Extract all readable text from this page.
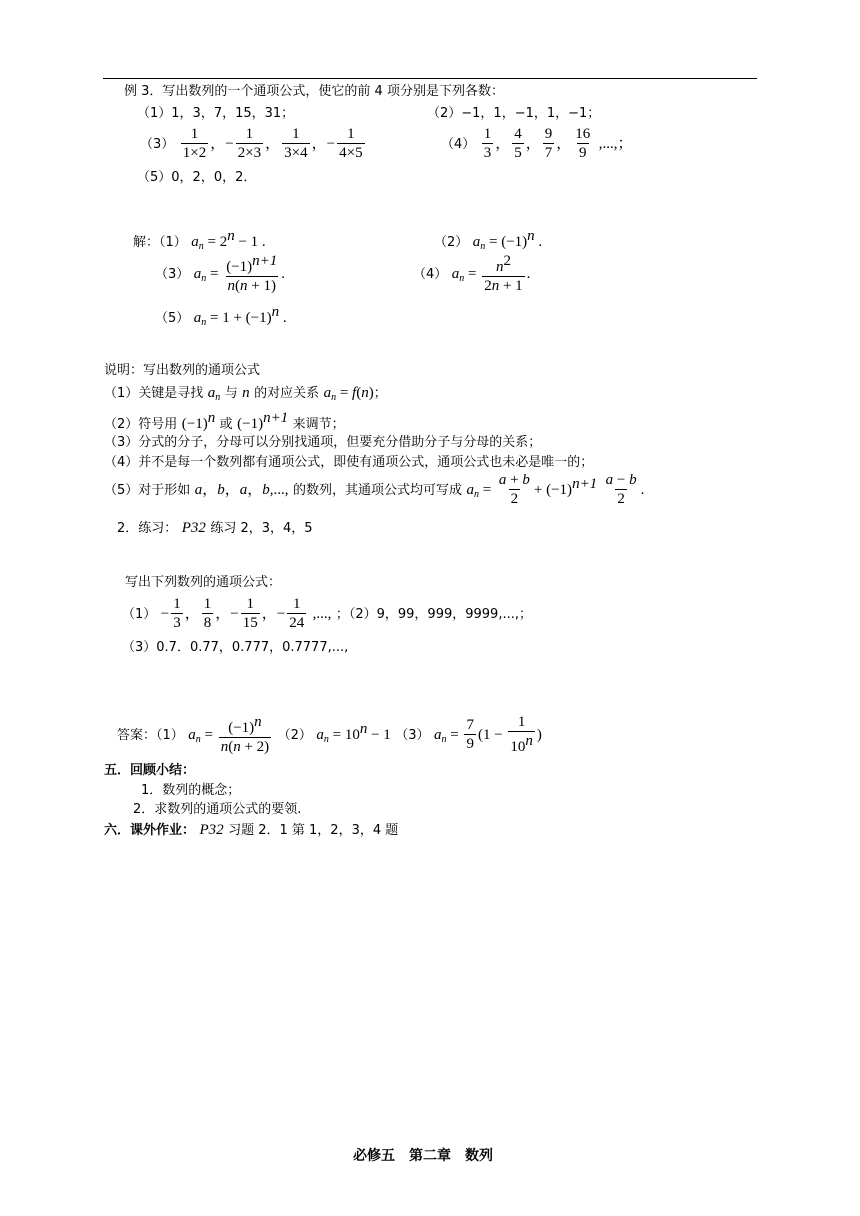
例 3．写出数列的一个通项公式，使它的前 4 项分别是下列各数：
（1）1，3，7，15，31；	（2）−1，1，−1，1，−1；
$(3) \frac{1}{1\times 2}$ ，− $\frac{1}{2\times 3}$ ， $\frac{1}{3\times 4}$ ，− $\frac{1}{4\times 5}$	$(4) \frac{1}{3}$ ， $\frac{4}{5}$ ， $\frac{9}{7}$ ， $\frac{16}{9}$ ,...,；
（5）0，2，0，2．
解：（1） $a_n = 2^n - 1$ .	（2） $a_n = (-1)^n$ .
（3） $a_n = \frac{(-1)^{n+1}}{n(n + 1)}$ .	（4） $a_n = \frac{n^2}{2n + 1}$ .
（5） $a_n = 1 + (-1)^n$ .
说明：写出数列的通项公式
（1）关键是寻找 $a_n$ 与 n 的对应关系 $a_n = f(n)$；
（2）符号用 $(-1)^n$ 或 $(-1)^{n+1}$ 来调节；
（3）分式的分子，分母可以分别找通项，但要充分借助分子与分母的关系；
（4）并不是每一个数列都有通项公式，即使有通项公式，通项公式也未必是唯一的；
（5）对于形如 a，b，a，b,..., 的数列，其通项公式均可写成 $a_n = \frac{a + b}{2} + (-1)^{n+1} \frac{a - b}{2}$ .
2．练习： P32 练习 2，3，4，5
写出下列数列的通项公式：
$(1) - \frac{1}{3}$ ， $\frac{1}{8}$ ，− $\frac{1}{15}$ ，− $\frac{1}{24}$ ,..., ；（2）9，99，999，9999,...,；
（3）0.7．0.77，0.777，0.7777,...,
答案：（1） $a_n = \frac{(-1)^n}{n(n + 2)} (2) a_n = 10^n - 1$ （3） $a_n = \frac{7}{9} (1 - \frac{1}{10^n}$ )
五．回顾小结：
1．数列的概念；
2．求数列的通项公式的要领.
六．课外作业： P32 习题 2．1 第 1，2，3，4 题
必修五　第二章　数列
